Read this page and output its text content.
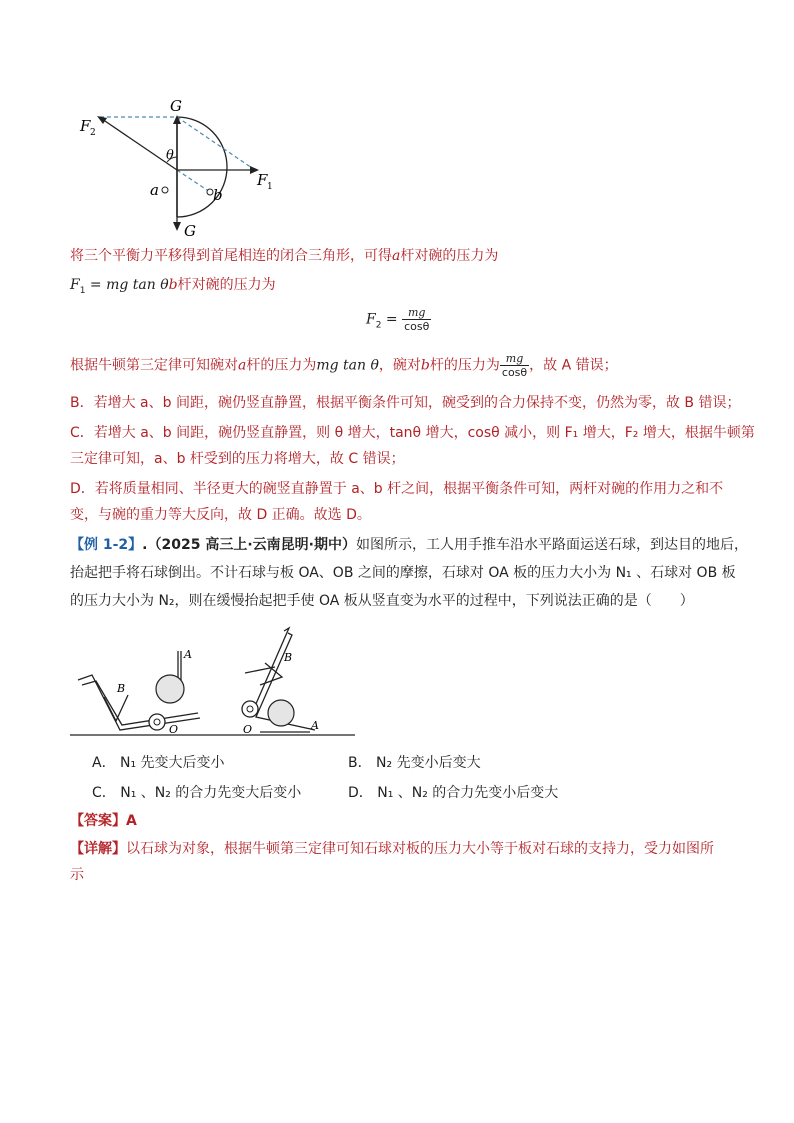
G
G
F 2
F 1
θ
a	b
将三个平衡力平移得到首尾相连的闭合三角形，可得a杆对碗的压力为
$F_1$ = mg tan θb杆对碗的压力为
$F_2 = \frac{mg}{\cos\theta}$
根据牛顿第三定律可知碗对a杆的压力为mg tan θ，碗对b杆的压力为 $\frac{mg}{\cos\theta}$ ，故 A 错误；
B．若增大 a、b 间距，碗仍竖直静置，根据平衡条件可知，碗受到的合力保持不变，仍然为零，故 B 错误；
C．若增大 a、b 间距，碗仍竖直静置，则 θ 增大，tanθ 增大，cosθ 减小，则 F₁ 增大，F₂ 增大，根据牛顿第
三定律可知，a、b 杆受到的压力将增大，故 C 错误；
D．若将质量相同、半径更大的碗竖直静置于 a、b 杆之间，根据平衡条件可知，两杆对碗的作用力之和不
变，与碗的重力等大反向，故 D 正确。故选 D。
【例 1-2】.（2025 高三上·云南昆明·期中）如图所示，工人用手推车沿水平路面运送石球，到达目的地后，
抬起把手将石球倒出。不计石球与板 OA、OB 之间的摩擦，石球对 OA 板的压力大小为 N₁ 、石球对 OB 板
的压力大小为 N₂，则在缓慢抬起把手使 OA 板从竖直变为水平的过程中，下列说法正确的是（　　）
A
B
O	A
B
O
A． N₁ 先变大后变小	B． N₂ 先变小后变大
C． N₁ 、N₂ 的合力先变大后变小	D． N₁ 、N₂ 的合力先变小后变大
【答案】A
【详解】以石球为对象，根据牛顿第三定律可知石球对板的压力大小等于板对石球的支持力，受力如图所
示
